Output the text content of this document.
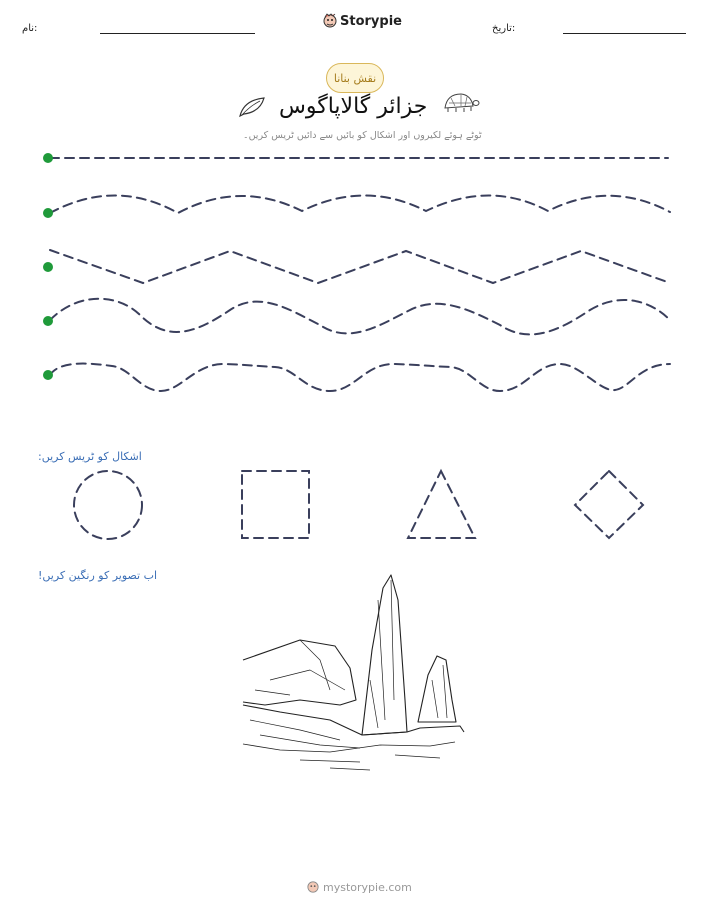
نام:	Storypie	تاریخ:
نقش بنانا
جزائر گالاپاگوس
ٹوٹے ہوئے لکیروں اور اشکال کو بائیں سے دائیں ٹریس کریں۔
اشکال کو ٹریس کریں:
اب تصویر کو رنگین کریں!
mystorypie.com
